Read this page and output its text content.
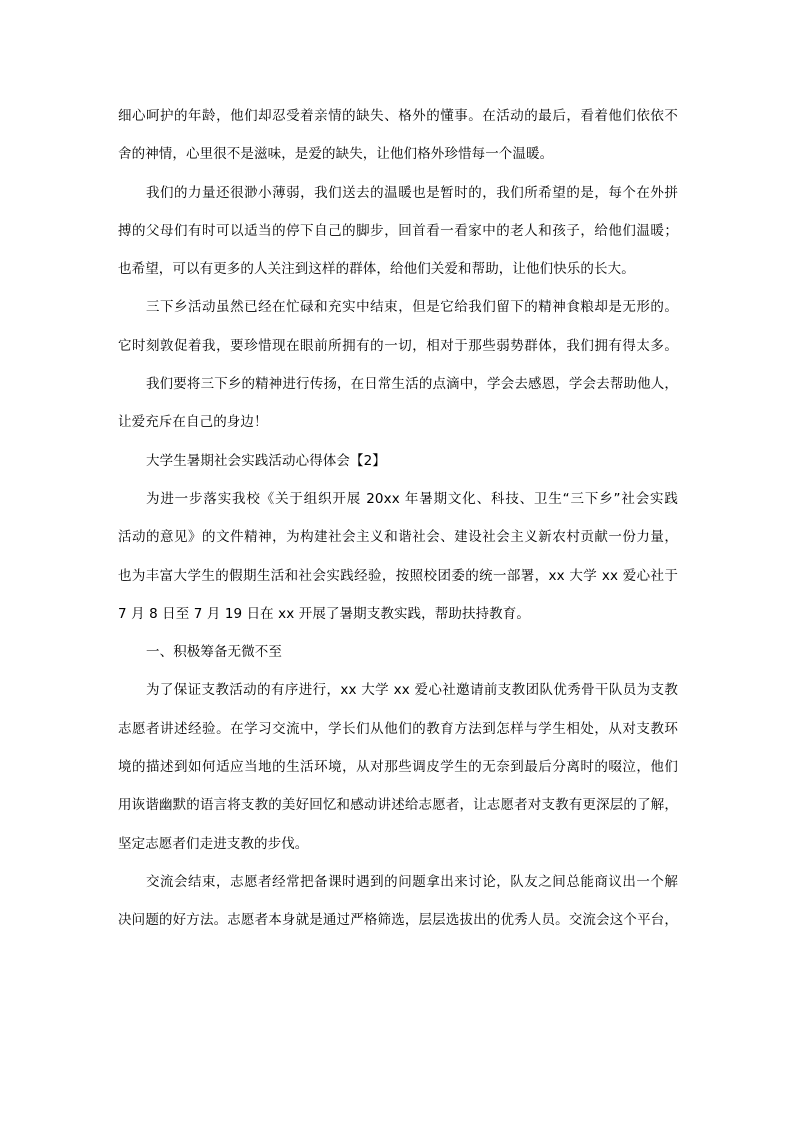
细心呵护的年龄，他们却忍受着亲情的缺失、格外的懂事。在活动的最后，看着他们依依不
舍的神情，心里很不是滋味，是爱的缺失，让他们格外珍惜每一个温暖。
我们的力量还很渺小薄弱，我们送去的温暖也是暂时的，我们所希望的是，每个在外拼
搏的父母们有时可以适当的停下自己的脚步，回首看一看家中的老人和孩子，给他们温暖；
也希望，可以有更多的人关注到这样的群体，给他们关爱和帮助，让他们快乐的长大。
三下乡活动虽然已经在忙碌和充实中结束，但是它给我们留下的精神食粮却是无形的。
它时刻敦促着我，要珍惜现在眼前所拥有的一切，相对于那些弱势群体，我们拥有得太多。
我们要将三下乡的精神进行传扬，在日常生活的点滴中，学会去感恩，学会去帮助他人，
让爱充斥在自己的身边！
大学生暑期社会实践活动心得体会【2】
为进一步落实我校《关于组织开展 20xx 年暑期文化、科技、卫生“三下乡”社会实践
活动的意见》的文件精神，为构建社会主义和谐社会、建设社会主义新农村贡献一份力量，
也为丰富大学生的假期生活和社会实践经验，按照校团委的统一部署，xx 大学 xx 爱心社于
7 月 8 日至 7 月 19 日在 xx 开展了暑期支教实践，帮助扶持教育。
一、积极筹备无微不至
为了保证支教活动的有序进行，xx 大学 xx 爱心社邀请前支教团队优秀骨干队员为支教
志愿者讲述经验。在学习交流中，学长们从他们的教育方法到怎样与学生相处，从对支教环
境的描述到如何适应当地的生活环境，从对那些调皮学生的无奈到最后分离时的啜泣，他们
用诙谐幽默的语言将支教的美好回忆和感动讲述给志愿者，让志愿者对支教有更深层的了解，
坚定志愿者们走进支教的步伐。
交流会结束，志愿者经常把备课时遇到的问题拿出来讨论，队友之间总能商议出一个解
决问题的好方法。志愿者本身就是通过严格筛选，层层选拔出的优秀人员。交流会这个平台，
